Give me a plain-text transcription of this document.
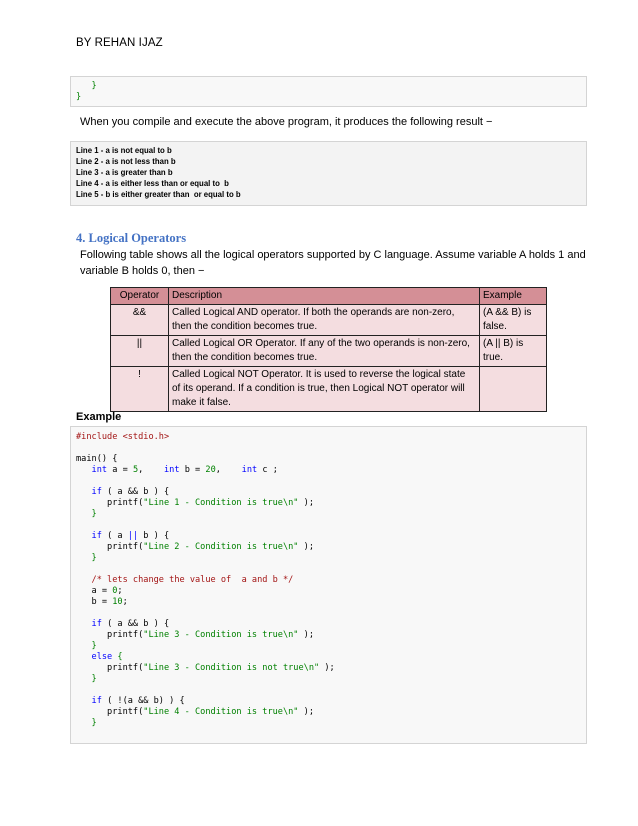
BY REHAN IJAZ
}
}
When you compile and execute the above program, it produces the following result −
Line 1 - a is not equal to b
Line 2 - a is not less than b
Line 3 - a is greater than b
Line 4 - a is either less than or equal to  b
Line 5 - b is either greater than  or equal to b
4. Logical Operators
Following table shows all the logical operators supported by C language. Assume variable A holds 1 and variable B holds 0, then −
Operator	Description	Example
&&	Called Logical AND operator. If both the operands are non-zero, then the condition becomes true.	(A && B) is false.
||	Called Logical OR Operator. If any of the two operands is non-zero, then the condition becomes true.	(A || B) is true.
!	Called Logical NOT Operator. It is used to reverse the logical state of its operand. If a condition is true, then Logical NOT operator will make it false.	
Example
#include <stdio.h>

main() {
int a = 5,    int b = 20,    int c ;

if ( a && b ) {
printf("Line 1 - Condition is true\n" );
}

if ( a || b ) {
printf("Line 2 - Condition is true\n" );
}

/* lets change the value of  a and b */
a = 0;
b = 10;

if ( a && b ) {
printf("Line 3 - Condition is true\n" );
}
else {
printf("Line 3 - Condition is not true\n" );
}

if ( !(a && b) ) {
printf("Line 4 - Condition is true\n" );
}
